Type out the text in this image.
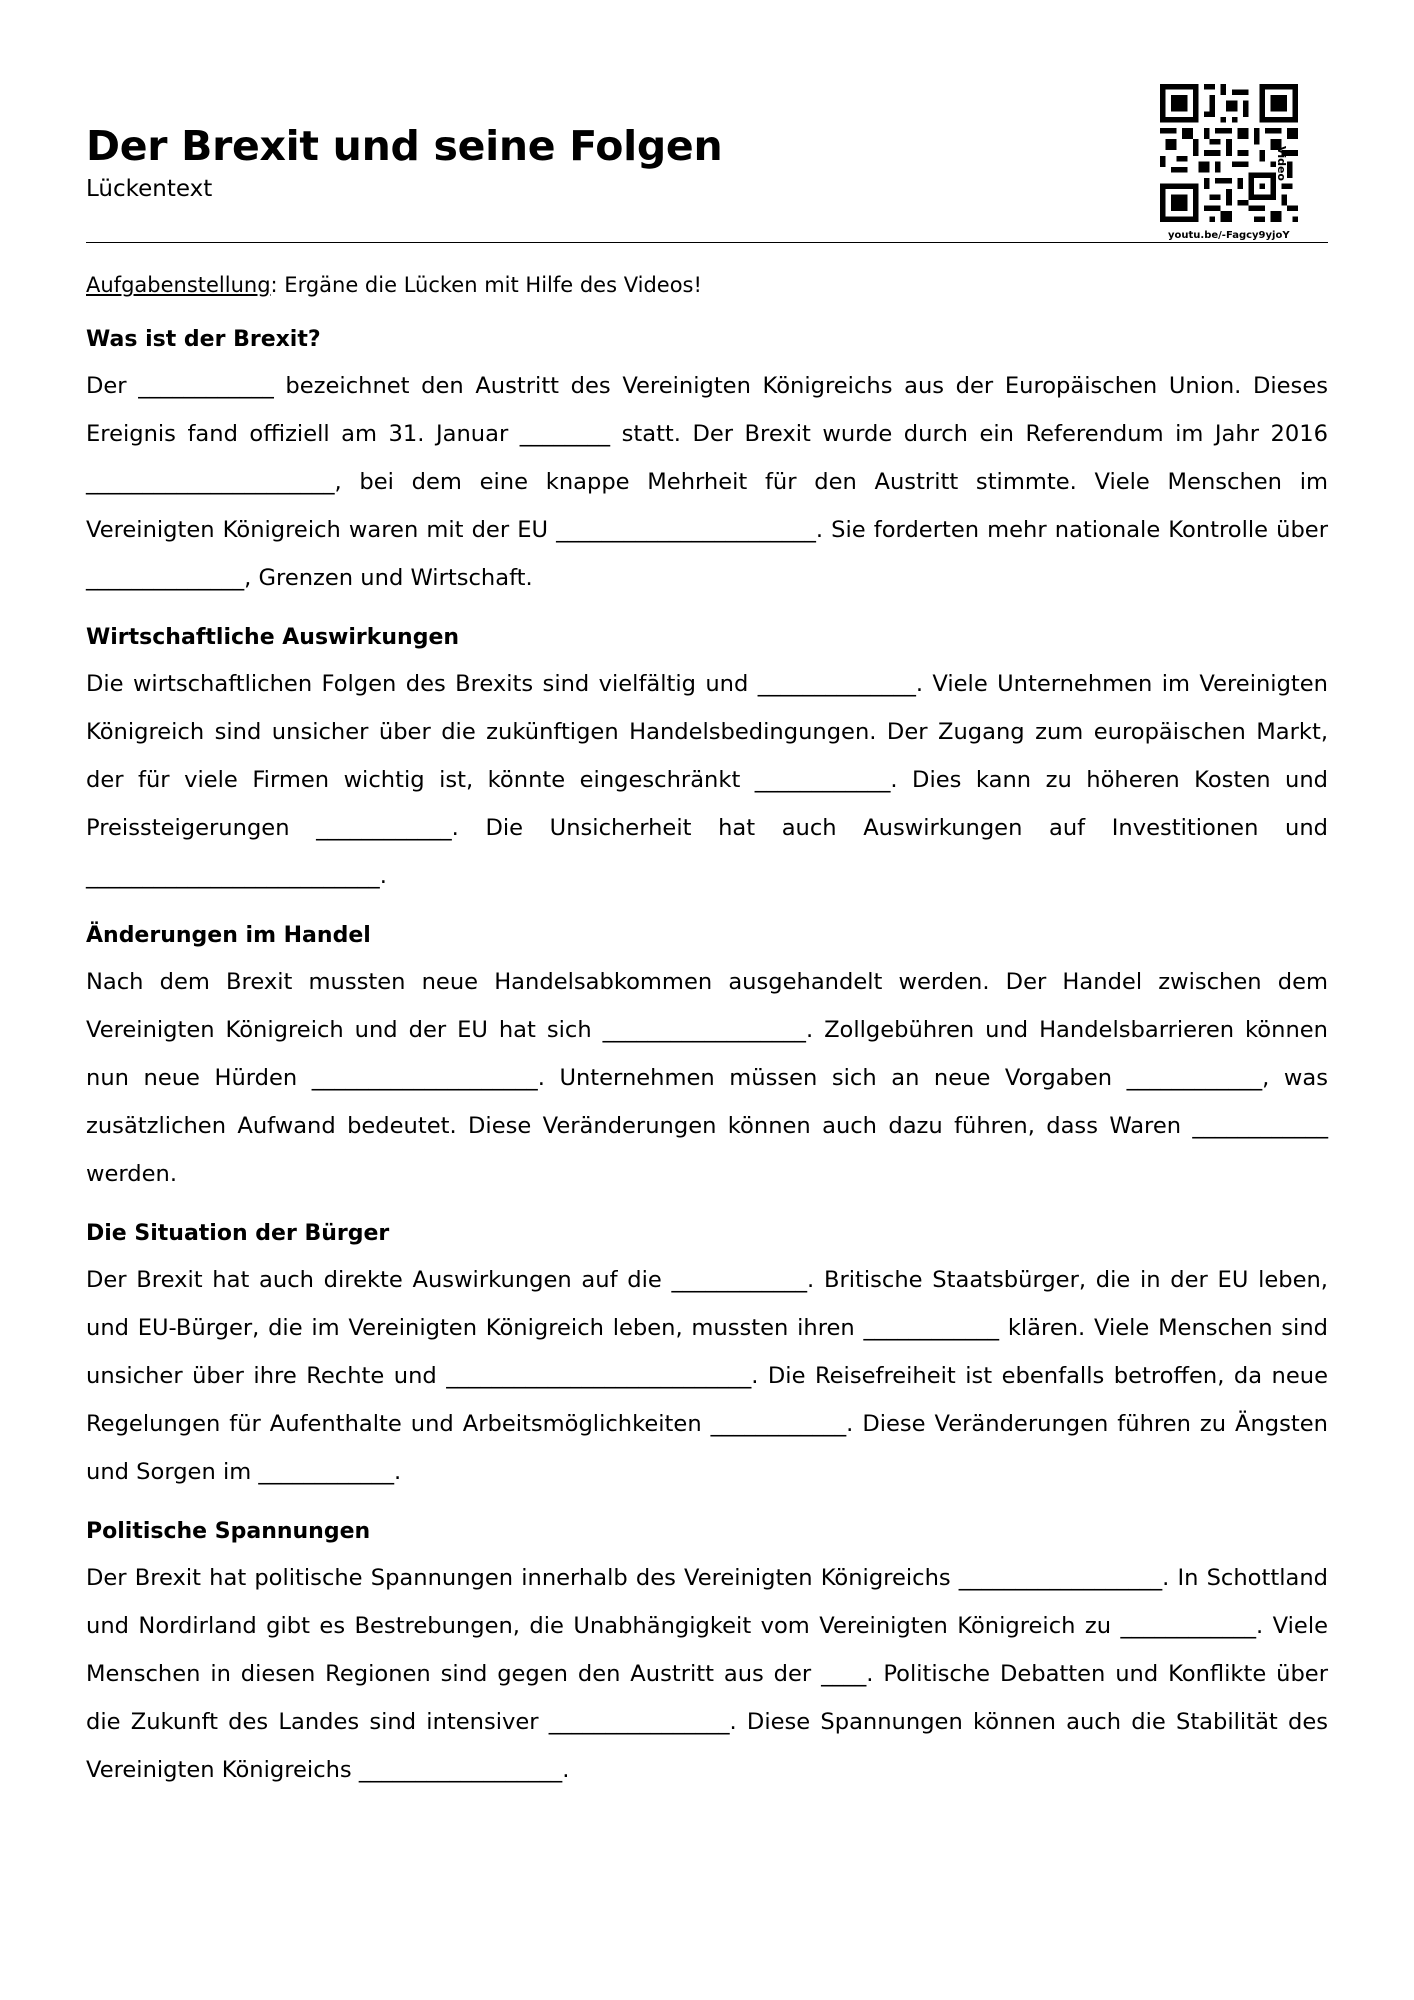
Der Brexit und seine Folgen
Lückentext
Video
youtu.be/-Fagcy9yjoY
Aufgabenstellung: Ergäne die Lücken mit Hilfe des Videos!
Was ist der Brexit?

Der ____________ bezeichnet den Austritt des Vereinigten Königreichs aus der Europäischen Union. Dieses Ereignis fand offiziell am 31. Januar ________ statt. Der Brexit wurde durch ein Referendum im Jahr 2016 ______________________, bei dem eine knappe Mehrheit für den Austritt stimmte. Viele Menschen im Vereinigten Königreich waren mit der EU _______________________. Sie forderten mehr nationale Kontrolle über ______________, Grenzen und Wirtschaft.

Wirtschaftliche Auswirkungen

Die wirtschaftlichen Folgen des Brexits sind vielfältig und ______________. Viele Unternehmen im Vereinigten Königreich sind unsicher über die zukünftigen Handelsbedingungen. Der Zugang zum europäischen Markt, der für viele Firmen wichtig ist, könnte eingeschränkt ____________. Dies kann zu höheren Kosten und Preissteigerungen ____________. Die Unsicherheit hat auch Auswirkungen auf Investitionen und __________________________.

Änderungen im Handel

Nach dem Brexit mussten neue Handelsabkommen ausgehandelt werden. Der Handel zwischen dem Vereinigten Königreich und der EU hat sich __________________. Zollgebühren und Handelsbarrieren können nun neue Hürden ____________________. Unternehmen müssen sich an neue Vorgaben ____________, was zusätzlichen Aufwand bedeutet. Diese Veränderungen können auch dazu führen, dass Waren ____________ werden.

Die Situation der Bürger

Der Brexit hat auch direkte Auswirkungen auf die ____________. Britische Staatsbürger, die in der EU leben, und EU-Bürger, die im Vereinigten Königreich leben, mussten ihren ____________ klären. Viele Menschen sind unsicher über ihre Rechte und ___________________________. Die Reisefreiheit ist ebenfalls betroffen, da neue Regelungen für Aufenthalte und Arbeitsmöglichkeiten ____________. Diese Veränderungen führen zu Ängsten und Sorgen im ____________.

Politische Spannungen

Der Brexit hat politische Spannungen innerhalb des Vereinigten Königreichs __________________. In Schottland und Nordirland gibt es Bestrebungen, die Unabhängigkeit vom Vereinigten Königreich zu ____________. Viele Menschen in diesen Regionen sind gegen den Austritt aus der ____. Politische Debatten und Konflikte über die Zukunft des Landes sind intensiver ________________. Diese Spannungen können auch die Stabilität des Vereinigten Königreichs __________________.
